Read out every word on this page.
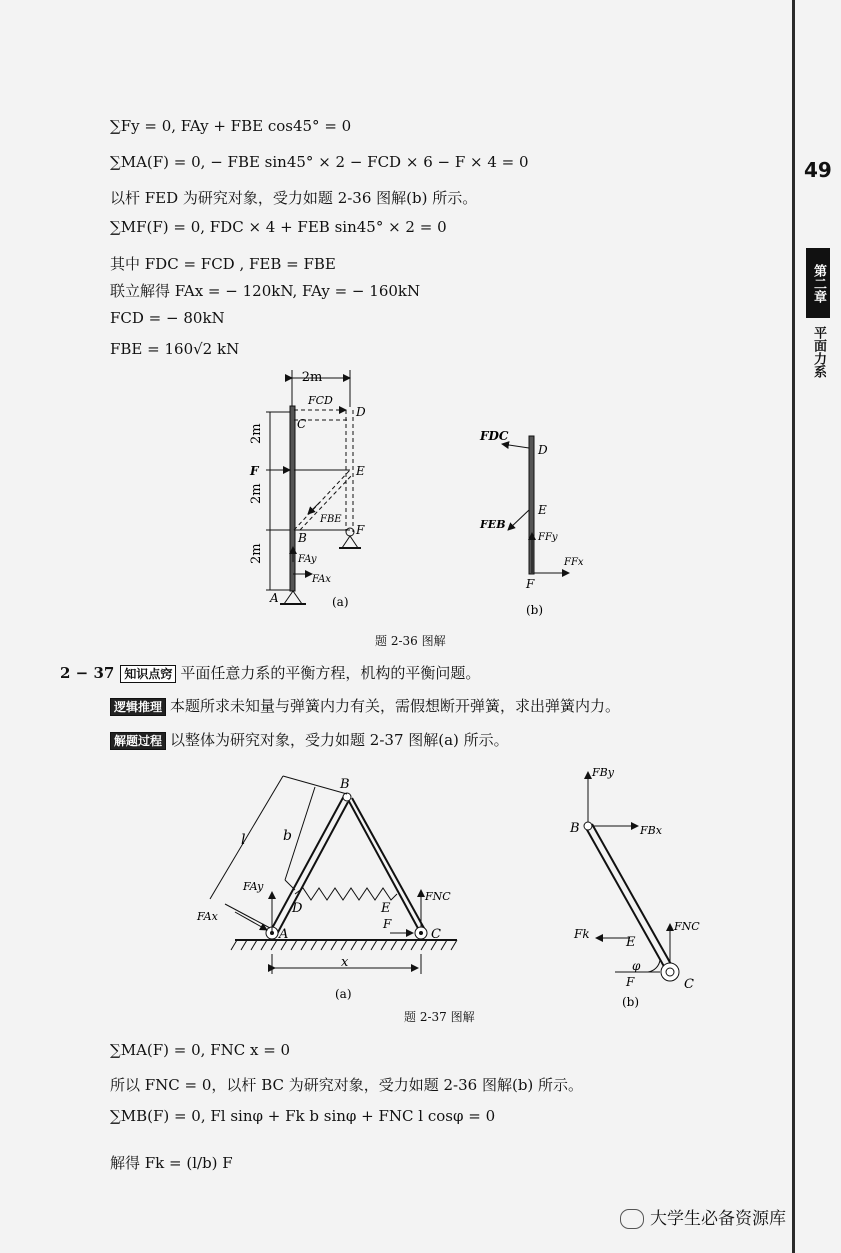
49
第二章
平面力系
∑Fy = 0, FAy + FBE cos45° = 0
∑MA(F) = 0, − FBE sin45° × 2 − FCD × 6 − F × 4 = 0
以杆 FED 为研究对象，受力如题 2-36 图解(b) 所示。
∑MF(F) = 0, FDC × 4 + FEB sin45° × 2 = 0
其中 FDC = FCD , FEB = FBE
联立解得 FAx = − 120kN, FAy = − 160kN
FCD = − 80kN
FBE = 160√2 kN
2m
2m
2m
2m
C
D
E
F
B
A
F
FCD
FBE
FAy
FAx
(a)
FDC
D
E
FEB
FFy
FFx
F
(b)
题 2-36 图解
2 − 37 知识点窍 平面任意力系的平衡方程，机构的平衡问题。
逻辑推理 本题所求未知量与弹簧内力有关，需假想断开弹簧，求出弹簧内力。
解题过程 以整体为研究对象，受力如题 2-37 图解(a) 所示。
A
B
C
D	E
l	b
x
FAy
FAx
FNC
F
(a)
B
C
E
FBy
FBx
Fk
FNC
F
φ
(b)
题 2-37 图解
∑MA(F) = 0, FNC x = 0
所以 FNC = 0，以杆 BC 为研究对象，受力如题 2-36 图解(b) 所示。
∑MB(F) = 0, Fl sinφ + Fk b sinφ + FNC l cosφ = 0
解得 Fk = (l/b) F
大学生必备资源库
